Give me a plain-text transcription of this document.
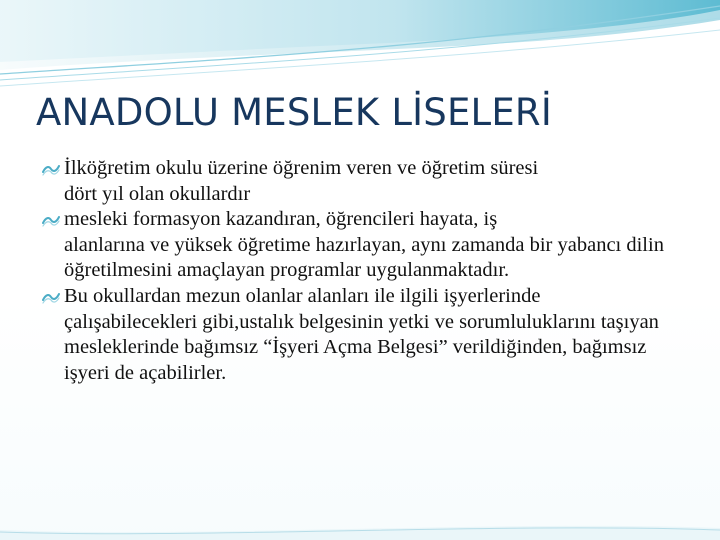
ANADOLU MESLEK LİSELERİ
İlköğretim okulu üzerine öğrenim veren ve öğretim süresi
dört yıl olan okullardır
mesleki formasyon kazandıran, öğrencileri hayata, iş
alanlarına ve yüksek öğretime hazırlayan, aynı zamanda bir yabancı dilin öğretilmesini amaçlayan programlar uygulanmaktadır.
Bu okullardan mezun olanlar alanları ile ilgili işyerlerinde
çalışabilecekleri gibi,ustalık belgesinin yetki ve sorumluluklarını taşıyan mesleklerinde bağımsız “İşyeri Açma Belgesi” verildiğinden, bağımsız işyeri de açabilirler.
